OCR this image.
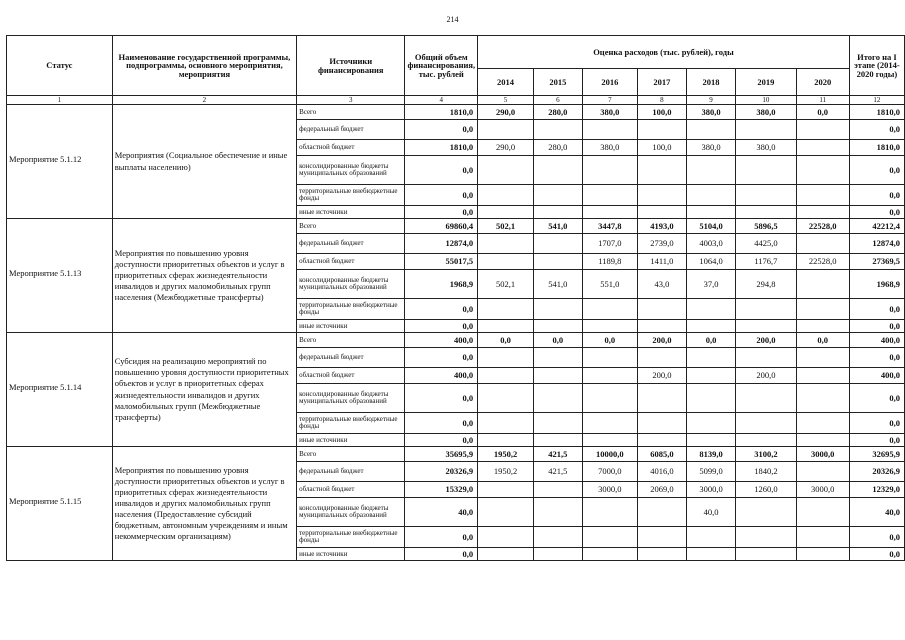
214
Статус	Наименование государственной программы, подпрограммы, основного мероприятия, мероприятия	Источники финансирования	Общий объем финансирования, тыс. рублей	Оценка расходов (тыс. рублей), годы							Итого на I этапе (2014-2020 годы)
				2014	2015	2016	2017	2018	2019	2020	
1	2	3	4	5	6	7	8	9	10	11	12
Мероприятие 5.1.12	Мероприятия (Социальное обеспечение и иные выплаты населению)	Всего	1810,0	290,0	280,0	380,0	100,0	380,0	380,0	0,0	1810,0
		федеральный бюджет	0,0								0,0
		областной бюджет	1810,0	290,0	280,0	380,0	100,0	380,0	380,0		1810,0
		консолидированные бюджеты муниципальных образований	0,0								0,0
		территориальные внебюджетные фонды	0,0								0,0
		иные источники	0,0								0,0
Мероприятие 5.1.13	Мероприятия по повышению уровня доступности приоритетных объектов и услуг в приоритетных сферах жизнедеятельности инвалидов и других маломобильных групп населения (Межбюджетные трансферты)	Всего	69860,4	502,1	541,0	3447,8	4193,0	5104,0	5896,5	22528,0	42212,4
		федеральный бюджет	12874,0			1707,0	2739,0	4003,0	4425,0		12874,0
		областной бюджет	55017,5			1189,8	1411,0	1064,0	1176,7	22528,0	27369,5
		консолидированные бюджеты муниципальных образований	1968,9	502,1	541,0	551,0	43,0	37,0	294,8		1968,9
		территориальные внебюджетные фонды	0,0								0,0
		иные источники	0,0								0,0
Мероприятие 5.1.14	Субсидия на реализацию мероприятий по повышению уровня доступности приоритетных объектов и услуг в приоритетных сферах жизнедеятельности инвалидов и других маломобильных групп (Межбюджетные трансферты)	Всего	400,0	0,0	0,0	0,0	200,0	0,0	200,0	0,0	400,0
		федеральный бюджет	0,0								0,0
		областной бюджет	400,0				200,0		200,0		400,0
		консолидированные бюджеты муниципальных образований	0,0								0,0
		территориальные внебюджетные фонды	0,0								0,0
		иные источники	0,0								0,0
Мероприятие 5.1.15	Мероприятия по повышению уровня доступности приоритетных объектов и услуг в приоритетных сферах жизнедеятельности инвалидов и других маломобильных групп населения (Предоставление субсидий бюджетным, автономным учреждениям и иным некоммерческим организациям)	Всего	35695,9	1950,2	421,5	10000,0	6085,0	8139,0	3100,2	3000,0	32695,9
		федеральный бюджет	20326,9	1950,2	421,5	7000,0	4016,0	5099,0	1840,2		20326,9
		областной бюджет	15329,0			3000,0	2069,0	3000,0	1260,0	3000,0	12329,0
		консолидированные бюджеты муниципальных образований	40,0					40,0			40,0
		территориальные внебюджетные фонды	0,0								0,0
		иные источники	0,0								0,0
